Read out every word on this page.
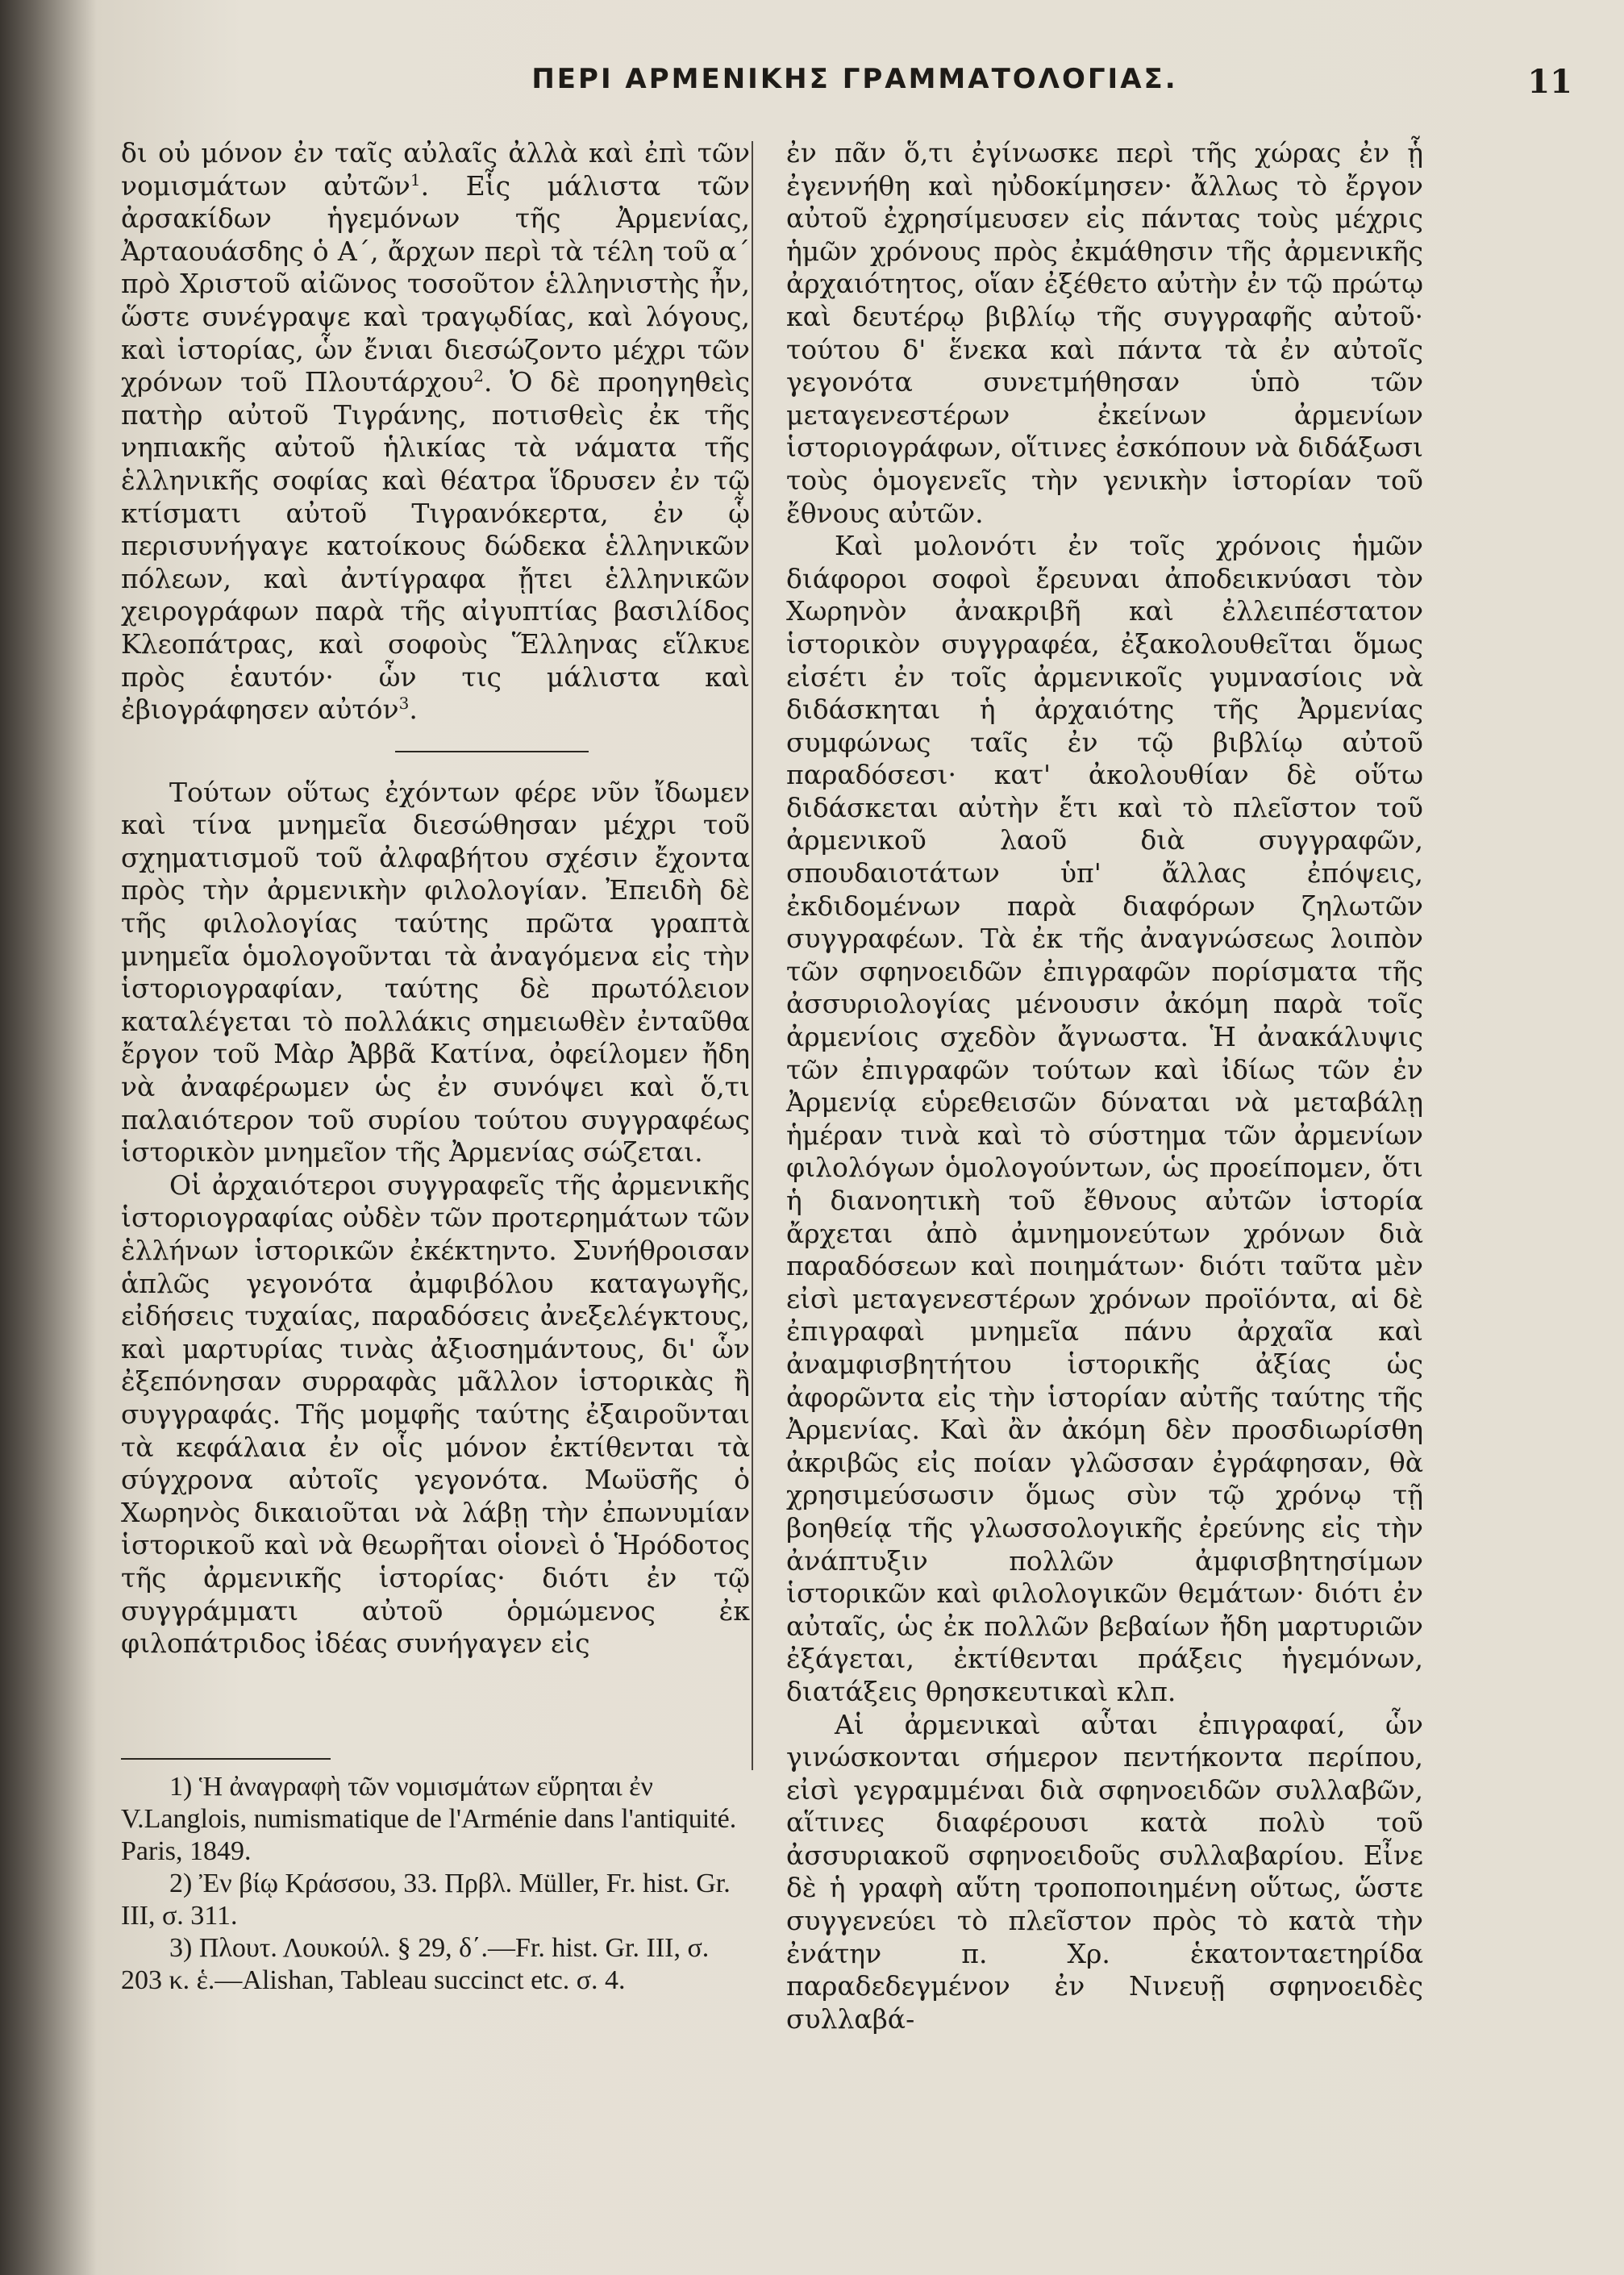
ΠΕΡΙ ΑΡΜΕΝΙΚΗΣ ΓΡΑΜΜΑΤΟΛΟΓΙΑΣ.	11

δι οὐ μόνον ἐν ταῖς αὐλαῖς ἀλλὰ καὶ ἐπὶ τῶν νομισμάτων αὐτῶν$^1$. Εἷς μάλιστα τῶν ἀρσακίδων ἡγεμόνων τῆς Ἀρμενίας, Ἀρταουάσδης ὁ Α΄, ἄρχων περὶ τὰ τέλη τοῦ α΄ πρὸ Χριστοῦ αἰῶνος τοσοῦτον ἑλληνιστὴς ἦν, ὥστε συνέγραψε καὶ τραγῳδίας, καὶ λόγους, καὶ ἱστορίας, ὧν ἔνιαι διεσώζοντο μέχρι τῶν χρόνων τοῦ Πλουτάρχου$^2$. Ὁ δὲ προηγηθεὶς πατὴρ αὐτοῦ Τιγράνης, ποτισθεὶς ἐκ τῆς νηπιακῆς αὐτοῦ ἡλικίας τὰ νάματα τῆς ἑλληνικῆς σοφίας καὶ θέατρα ἵδρυσεν ἐν τῷ κτίσματι αὐτοῦ Τιγρανόκερτα, ἐν ᾧ περισυνήγαγε κατοίκους δώδεκα ἑλληνικῶν πόλεων, καὶ ἀντίγραφα ᾔτει ἑλληνικῶν χειρογράφων παρὰ τῆς αἰγυπτίας βασιλίδος Κλεοπάτρας, καὶ σοφοὺς Ἕλληνας εἵλκυε πρὸς ἑαυτόν· ὧν τις μάλιστα καὶ ἐβιογράφησεν αὐτόν$^3$.

Τούτων οὕτως ἐχόντων φέρε νῦν ἴδωμεν καὶ τίνα μνημεῖα διεσώθησαν μέχρι τοῦ σχηματισμοῦ τοῦ ἀλφαβήτου σχέσιν ἔχοντα πρὸς τὴν ἀρμενικὴν φιλολογίαν. Ἐπειδὴ δὲ τῆς φιλολογίας ταύτης πρῶτα γραπτὰ μνημεῖα ὁμολογοῦνται τὰ ἀναγόμενα εἰς τὴν ἱστοριογραφίαν, ταύτης δὲ πρωτόλειον καταλέγεται τὸ πολλάκις σημειωθὲν ἐνταῦθα ἔργον τοῦ Μὰρ Ἀββᾶ Κατίνα, ὀφείλομεν ἤδη νὰ ἀναφέρωμεν ὡς ἐν συνόψει καὶ ὅ,τι παλαιότερον τοῦ συρίου τούτου συγγραφέως ἱστορικὸν μνημεῖον τῆς Ἀρμενίας σώζεται.

Οἱ ἀρχαιότεροι συγγραφεῖς τῆς ἀρμενικῆς ἱστοριογραφίας οὐδὲν τῶν προτερημάτων τῶν ἑλλήνων ἱστορικῶν ἐκέκτηντο. Συνήθροισαν ἁπλῶς γεγονότα ἀμφιβόλου καταγωγῆς, εἰδήσεις τυχαίας, παραδόσεις ἀνεξελέγκτους, καὶ μαρτυρίας τινὰς ἀξιοσημάντους, δι' ὧν ἐξεπόνησαν συρραφὰς μᾶλλον ἱστορικὰς ἢ συγγραφάς. Τῆς μομφῆς ταύτης ἐξαιροῦνται τὰ κεφάλαια ἐν οἷς μόνον ἐκτίθενται τὰ σύγχρονα αὐτοῖς γεγονότα. Μωϋσῆς ὁ Χωρηνὸς δικαιοῦται νὰ λάβῃ τὴν ἐπωνυμίαν ἱστορικοῦ καὶ νὰ θεωρῆται οἱονεὶ ὁ Ἡρόδοτος τῆς ἀρμενικῆς ἱστορίας· διότι ἐν τῷ συγγράμματι αὐτοῦ ὁρμώμενος ἐκ φιλοπάτριδος ἰδέας συνήγαγεν εἰς

1) Ἡ ἀναγραφὴ τῶν νομισμάτων εὕρηται ἐν

V.Langlois, numismatique de l'Arménie dans l'antiquité. Paris, 1849.

2) Ἐν βίῳ Κράσσου, 33. Πρβλ. Müller, Fr. hist. Gr. III, σ. 311.

3) Πλουτ. Λουκούλ. § 29, δ΄.—Fr. hist. Gr. III, σ. 203 κ. ἑ.—Alishan, Tableau succinct etc. σ. 4.

ἐν πᾶν ὅ,τι ἐγίνωσκε περὶ τῆς χώρας ἐν ᾗ ἐγεννήθη καὶ ηὐδοκίμησεν· ἄλλως τὸ ἔργον αὐτοῦ ἐχρησίμευσεν εἰς πάντας τοὺς μέχρις ἡμῶν χρόνους πρὸς ἐκμάθησιν τῆς ἀρμενικῆς ἀρχαιότητος, οἵαν ἐξέθετο αὐτὴν ἐν τῷ πρώτῳ καὶ δευτέρῳ βιβλίῳ τῆς συγγραφῆς αὐτοῦ· τούτου δ' ἕνεκα καὶ πάντα τὰ ἐν αὐτοῖς γεγονότα συνετμήθησαν ὑπὸ τῶν μεταγενεστέρων ἐκείνων ἀρμενίων ἱστοριογράφων, οἵτινες ἐσκόπουν νὰ διδάξωσι τοὺς ὁμογενεῖς τὴν γενικὴν ἱστορίαν τοῦ ἔθνους αὐτῶν.

Καὶ μολονότι ἐν τοῖς χρόνοις ἡμῶν διάφοροι σοφοὶ ἔρευναι ἀποδεικνύασι τὸν Χωρηνὸν ἀνακριβῆ καὶ ἐλλειπέστατον ἱστορικὸν συγγραφέα, ἐξακολουθεῖται ὅμως εἰσέτι ἐν τοῖς ἀρμενικοῖς γυμνασίοις νὰ διδάσκηται ἡ ἀρχαιότης τῆς Ἀρμενίας συμφώνως ταῖς ἐν τῷ βιβλίῳ αὐτοῦ παραδόσεσι· κατ' ἀκολουθίαν δὲ οὕτω διδάσκεται αὐτὴν ἔτι καὶ τὸ πλεῖστον τοῦ ἀρμενικοῦ λαοῦ διὰ συγγραφῶν, σπουδαιοτάτων ὑπ' ἄλλας ἐπόψεις, ἐκδιδομένων παρὰ διαφόρων ζηλωτῶν συγγραφέων. Τὰ ἐκ τῆς ἀναγνώσεως λοιπὸν τῶν σφηνοειδῶν ἐπιγραφῶν πορίσματα τῆς ἀσσυριολογίας μένουσιν ἀκόμη παρὰ τοῖς ἀρμενίοις σχεδὸν ἄγνωστα. Ἡ ἀνακάλυψις τῶν ἐπιγραφῶν τούτων καὶ ἰδίως τῶν ἐν Ἀρμενίᾳ εὑρεθεισῶν δύναται νὰ μεταβάλῃ ἡμέραν τινὰ καὶ τὸ σύστημα τῶν ἀρμενίων φιλολόγων ὁμολογούντων, ὡς προείπομεν, ὅτι ἡ διανοητικὴ τοῦ ἔθνους αὐτῶν ἱστορία ἄρχεται ἀπὸ ἀμνημονεύτων χρόνων διὰ παραδόσεων καὶ ποιημάτων· διότι ταῦτα μὲν εἰσὶ μεταγενεστέρων χρόνων προϊόντα, αἱ δὲ ἐπιγραφαὶ μνημεῖα πάνυ ἀρχαῖα καὶ ἀναμφισβητήτου ἱστορικῆς ἀξίας ὡς ἀφορῶντα εἰς τὴν ἱστορίαν αὐτῆς ταύτης τῆς Ἀρμενίας. Καὶ ἂν ἀκόμη δὲν προσδιωρίσθη ἀκριβῶς εἰς ποίαν γλῶσσαν ἐγράφησαν, θὰ χρησιμεύσωσιν ὅμως σὺν τῷ χρόνῳ τῇ βοηθείᾳ τῆς γλωσσολογικῆς ἐρεύνης εἰς τὴν ἀνάπτυξιν πολλῶν ἀμφισβητησίμων ἱστορικῶν καὶ φιλολογικῶν θεμάτων· διότι ἐν αὐταῖς, ὡς ἐκ πολλῶν βεβαίων ἤδη μαρτυριῶν ἐξάγεται, ἐκτίθενται πράξεις ἡγεμόνων, διατάξεις θρησκευτικαὶ κλπ.

Αἱ ἀρμενικαὶ αὗται ἐπιγραφαί, ὧν γινώσκονται σήμερον πεντήκοντα περίπου, εἰσὶ γεγραμμέναι διὰ σφηνοειδῶν συλλαβῶν, αἵτινες διαφέρουσι κατὰ πολὺ τοῦ ἀσσυριακοῦ σφηνοειδοῦς συλλαβαρίου. Εἶνε δὲ ἡ γραφὴ αὕτη τροποποιημένη οὕτως, ὥστε συγγενεύει τὸ πλεῖστον πρὸς τὸ κατὰ τὴν ἐνάτην π. Χρ. ἑκατονταετηρίδα παραδεδεγμένον ἐν Νινευῇ σφηνοειδὲς συλλαβά-
